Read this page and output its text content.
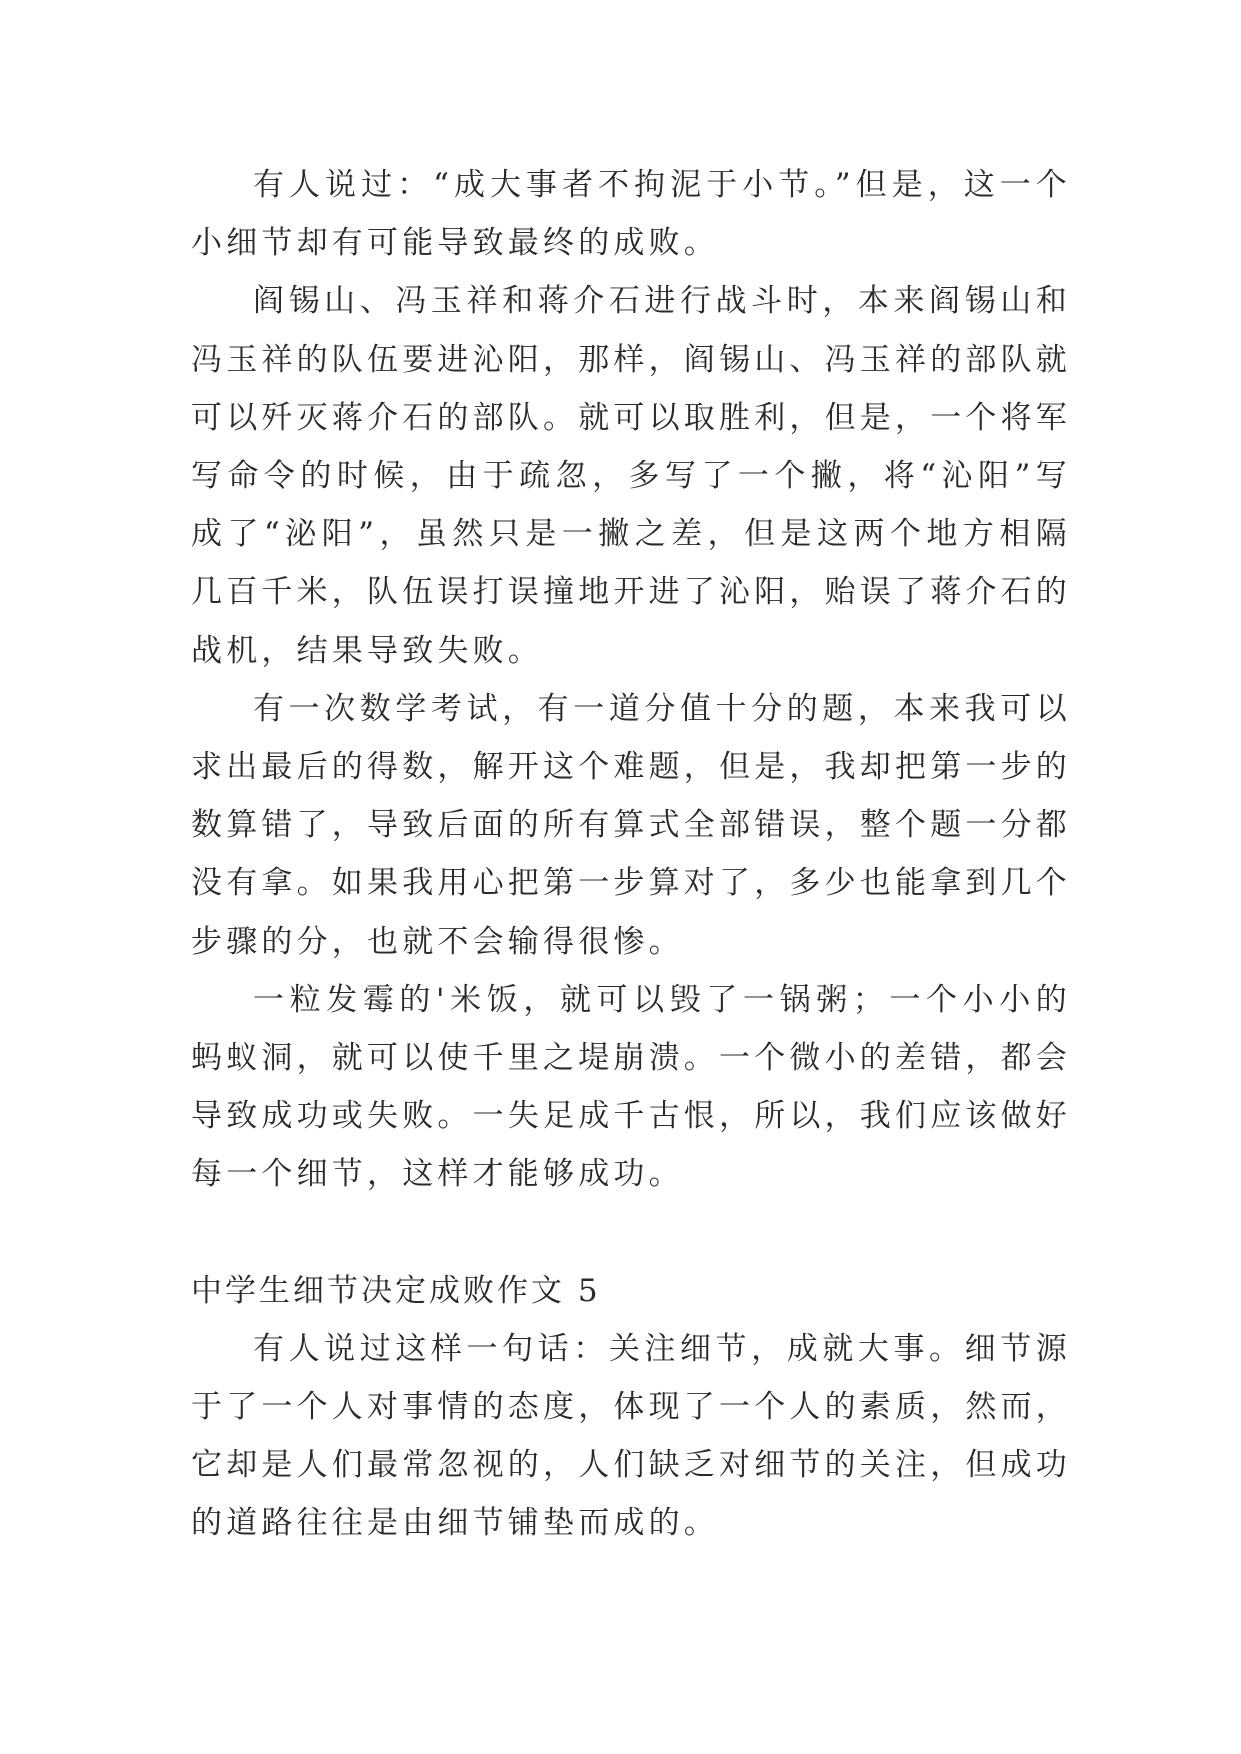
有人说过：“成大事者不拘泥于小节。”但是，这一个小细节却有可能导致最终的成败。

阎锡山、冯玉祥和蒋介石进行战斗时，本来阎锡山和冯玉祥的队伍要进沁阳，那样，阎锡山、冯玉祥的部队就可以歼灭蒋介石的部队。就可以取胜利，但是，一个将军写命令的时候，由于疏忽，多写了一个撇，将“沁阳”写成了“泌阳”，虽然只是一撇之差，但是这两个地方相隔几百千米，队伍误打误撞地开进了沁阳，贻误了蒋介石的战机，结果导致失败。

有一次数学考试，有一道分值十分的题，本来我可以求出最后的得数，解开这个难题，但是，我却把第一步的数算错了，导致后面的所有算式全部错误，整个题一分都没有拿。如果我用心把第一步算对了，多少也能拿到几个步骤的分，也就不会输得很惨。

一粒发霉的'米饭，就可以毁了一锅粥；一个小小的蚂蚁洞，就可以使千里之堤崩溃。一个微小的差错，都会导致成功或失败。一失足成千古恨，所以，我们应该做好每一个细节，这样才能够成功。

中学生细节决定成败作文 5

有人说过这样一句话：关注细节，成就大事。细节源于了一个人对事情的态度，体现了一个人的素质，然而，它却是人们最常忽视的，人们缺乏对细节的关注，但成功的道路往往是由细节铺垫而成的。
